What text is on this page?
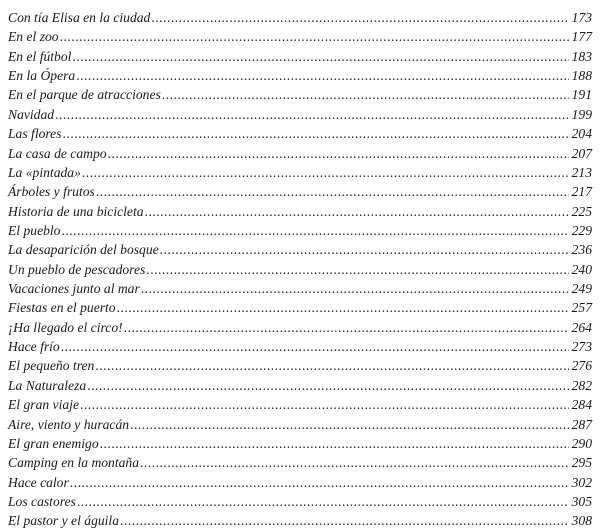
Con tía Elisa en la ciudad .....	173
En el zoo .....	177
En el fútbol .....	183
En la Ópera .....	188
En el parque de atracciones .....	191
Navidad .....	199
Las flores .....	204
La casa de campo .....	207
La «pintada» .....	213
Árboles y frutos .....	217
Historia de una bicicleta .....	225
El pueblo .....	229
La desaparición del bosque .....	236
Un pueblo de pescadores .....	240
Vacaciones junto al mar .....	249
Fiestas en el puerto .....	257
¡Ha llegado el circo! .....	264
Hace frío .....	273
El pequeño tren .....	276
La Naturaleza .....	282
El gran viaje .....	284
Aire, viento y huracán .....	287
El gran enemigo .....	290
Camping en la montaña .....	295
Hace calor .....	302
Los castores .....	305
El pastor y el águila .....	308
